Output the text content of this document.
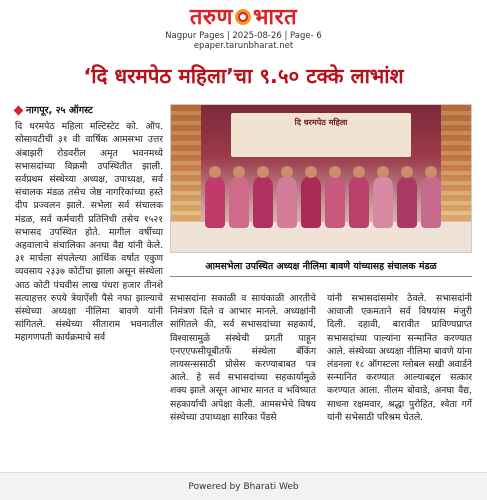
तरुण भारत
Nagpur Pages | 2025-08-26 | Page- 6
epaper.tarunbharat.net
‘दि धरमपेठ महिला’चा ९.५० टक्के लाभांश
नागपूर, २५ ऑगस्ट

दि धरमपेठ महिला मल्टिस्टेट को. ऑप. सोसायटीची ३१ वी वार्षिक आमसभा उत्तर अंबाझरी रोडवरील अमृत भवनमध्ये सभासदांच्या विक्रमी उपस्थितीत झाली. सर्वप्रथम संस्थेच्या अध्यक्ष, उपाध्यक्ष, सर्व संचालक मंडळ तसेच जेष्ठ नागरिकांच्या हस्ते दीप प्रज्वलन झाले. सभेला सर्व संचालक मंडळ, सर्व कर्मचारी प्रतिनिधी तसेच १५२१ सभासद उपस्थित होते. मागील वर्षीच्या अहवालाचे संचालिका अनघा वैद्य यांनी केले. ३१ मार्चला संपलेल्या आर्थिक वर्षात एकुण व्यवसाय २३३७ कोटींचा झाला असून संस्थेला आठ कोटी पंचवीस लाख पंधरा हजार तीनशे सत्याहत्तर रुपये त्रेयाऐंशी पैसे नफा झाल्याचे संस्थेच्या अध्यक्षा नीलिमा बावणे यांनी सांगितले. संस्थेच्या सीताराम भवनातील महागणपती कार्यक्रमाचे सर्व

दि धरमपेठ महिला
आमसभेला उपस्थित अध्यक्ष नीलिमा बावणे यांच्यासह संचालक मंडळ

सभासदांना सकाळी व सायंकाळी आरतीचे निमंत्रण दिले व आभार मानले. अध्यक्षांनी सांगितले की, सर्व सभासदांच्या सहकार्य, विश्वासामुळे संस्थेची प्रगती पाहून एनएएफसीयूबीतर्फे संस्थेला बँकिंग लायसन्ससाठी प्रोसेस करण्याबाबत पत्र आले. हे सर्व सभासदांच्या सहकार्यामुळे शक्य झाले असून आभार मानत व भविष्यात सहकार्याची अपेक्षा केली. आमसभेचे विषय संस्थेच्या उपाध्यक्षा सारिका पेंडसे

यांनी सभासदांसमोर ठेवले. सभासदांनी आवाजी एकमताने सर्व विषयांस मंजुरी दिली. दहावी, बारावीत प्राविण्यप्राप्त सभासदांच्या पाल्यांना सन्मानित करण्यात आले. संस्थेच्या अध्यक्षा नीलिमा बावणे यांना लंडनला १८ ऑगस्टला ग्लोबल सखी अवार्डने सन्मानित करण्यात आल्याबद्दल सत्कार करण्यात आला. नीलम बोवाडे, अनघा वैद्य, साधना रक्षमवार, श्रद्धा पुरोहित, श्वेता गर्गे यांनी सभेसाठी परिश्रम घेतले.

Powered by Bharati Web
